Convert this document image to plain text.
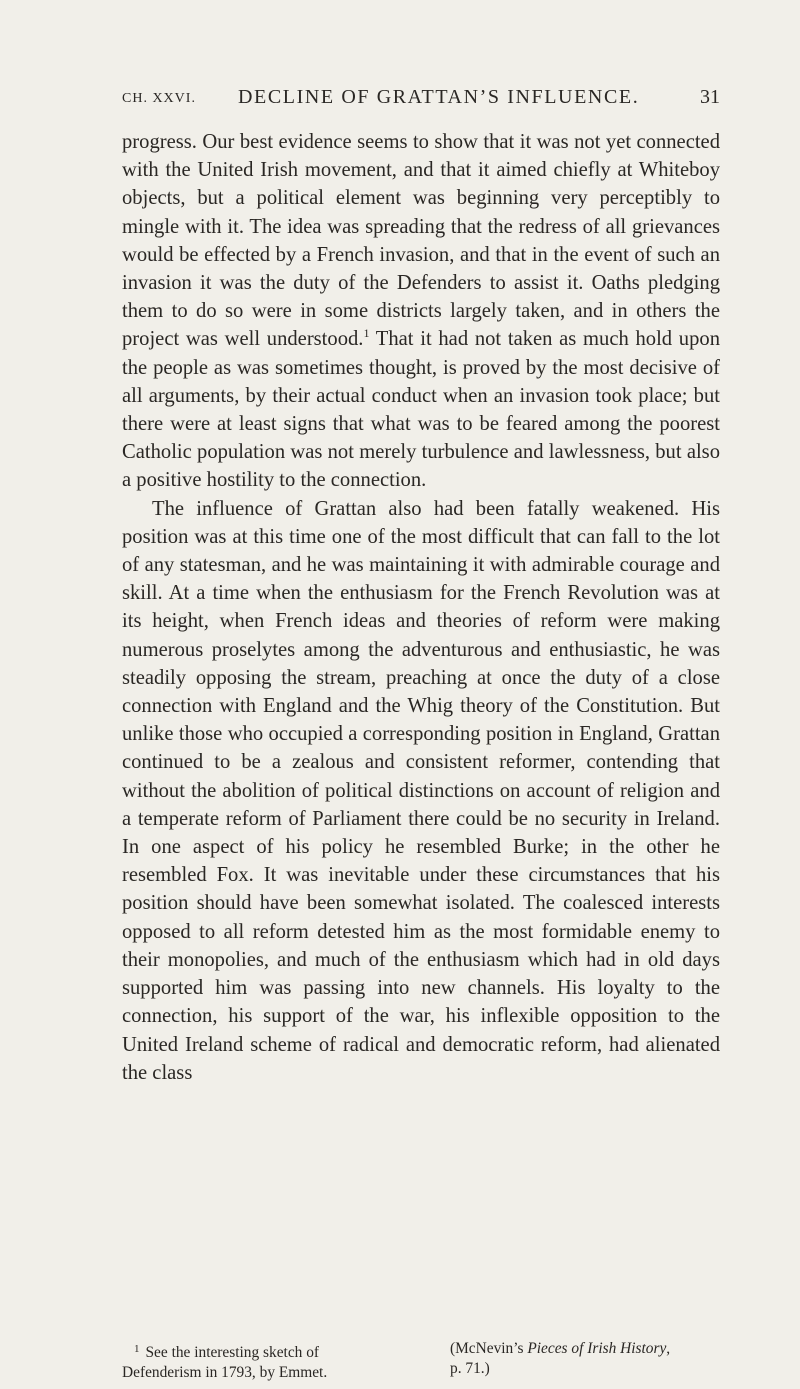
CH. XXVI. DECLINE OF GRATTAN’S INFLUENCE.	31

progress. Our best evidence seems to show that it was not yet connected with the United Irish movement, and that it aimed chiefly at Whiteboy objects, but a political element was beginning very perceptibly to mingle with it. The idea was spreading that the redress of all grievances would be effected by a French invasion, and that in the event of such an invasion it was the duty of the Defenders to assist it. Oaths pledging them to do so were in some districts largely taken, and in others the project was well understood.$^1$ That it had not taken as much hold upon the people as was sometimes thought, is proved by the most decisive of all arguments, by their actual conduct when an invasion took place; but there were at least signs that what was to be feared among the poorest Catholic population was not merely turbulence and lawlessness, but also a positive hostility to the connection.

The influence of Grattan also had been fatally weakened. His position was at this time one of the most difficult that can fall to the lot of any statesman, and he was maintaining it with admirable courage and skill. At a time when the enthusiasm for the French Revolution was at its height, when French ideas and theories of reform were making numerous proselytes among the adventurous and enthusiastic, he was steadily opposing the stream, preaching at once the duty of a close connection with England and the Whig theory of the Constitution. But unlike those who occupied a corresponding position in England, Grattan continued to be a zealous and consistent reformer, contending that without the abolition of political distinctions on account of religion and a temperate reform of Parliament there could be no security in Ireland. In one aspect of his policy he resembled Burke; in the other he resembled Fox. It was inevitable under these circumstances that his position should have been somewhat isolated. The coalesced interests opposed to all reform detested him as the most formidable enemy to their monopolies, and much of the enthusiasm which had in old days supported him was passing into new channels. His loyalty to the connection, his support of the war, his inflexible opposition to the United Ireland scheme of radical and democratic reform, had alienated the class

$^1$ See the interesting sketch of
Defenderism in 1793, by Emmet.
(McNevin’s Pieces of Irish History,
p. 71.)
